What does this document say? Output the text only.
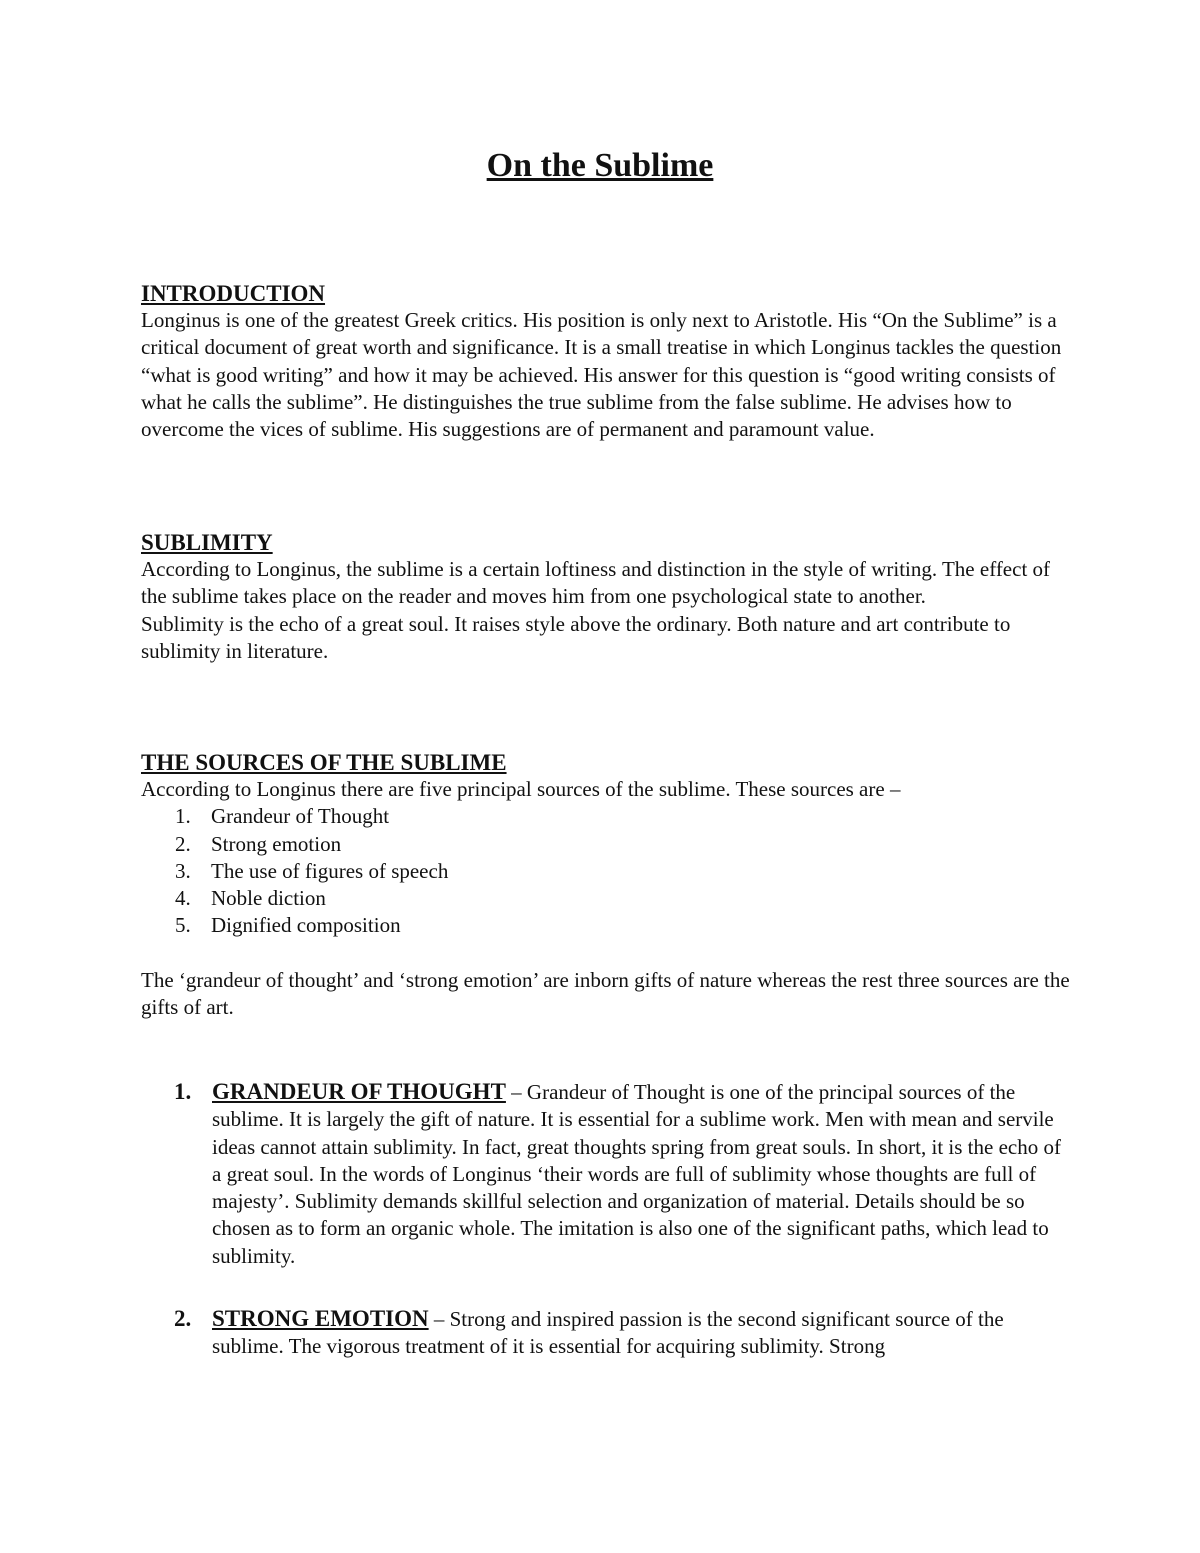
On the Sublime
INTRODUCTION

Longinus is one of the greatest Greek critics. His position is only next to Aristotle. His “On the Sublime” is a critical document of great worth and significance. It is a small treatise in which Longinus tackles the question “what is good writing” and how it may be achieved. His answer for this question is “good writing consists of what he calls the sublime”. He distinguishes the true sublime from the false sublime. He advises how to overcome the vices of sublime. His suggestions are of permanent and paramount value.

SUBLIMITY

According to Longinus, the sublime is a certain loftiness and distinction in the style of writing. The effect of the sublime takes place on the reader and moves him from one psychological state to another.

Sublimity is the echo of a great soul. It raises style above the ordinary. Both nature and art contribute to sublimity in literature.

THE SOURCES OF THE SUBLIME

According to Longinus there are five principal sources of the sublime. These sources are –

1. Grandeur of Thought
2. Strong emotion
3. The use of figures of speech
4. Noble diction
5. Dignified composition

The ‘grandeur of thought’ and ‘strong emotion’ are inborn gifts of nature whereas the rest three sources are the gifts of art.

1. GRANDEUR OF THOUGHT – Grandeur of Thought is one of the principal sources of the sublime. It is largely the gift of nature. It is essential for a sublime work. Men with mean and servile ideas cannot attain sublimity. In fact, great thoughts spring from great souls. In short, it is the echo of a great soul. In the words of Longinus ‘their words are full of sublimity whose thoughts are full of majesty’. Sublimity demands skillful selection and organization of material. Details should be so chosen as to form an organic whole. The imitation is also one of the significant paths, which lead to sublimity.
2. STRONG EMOTION – Strong and inspired passion is the second significant source of the sublime. The vigorous treatment of it is essential for acquiring sublimity. Strong
